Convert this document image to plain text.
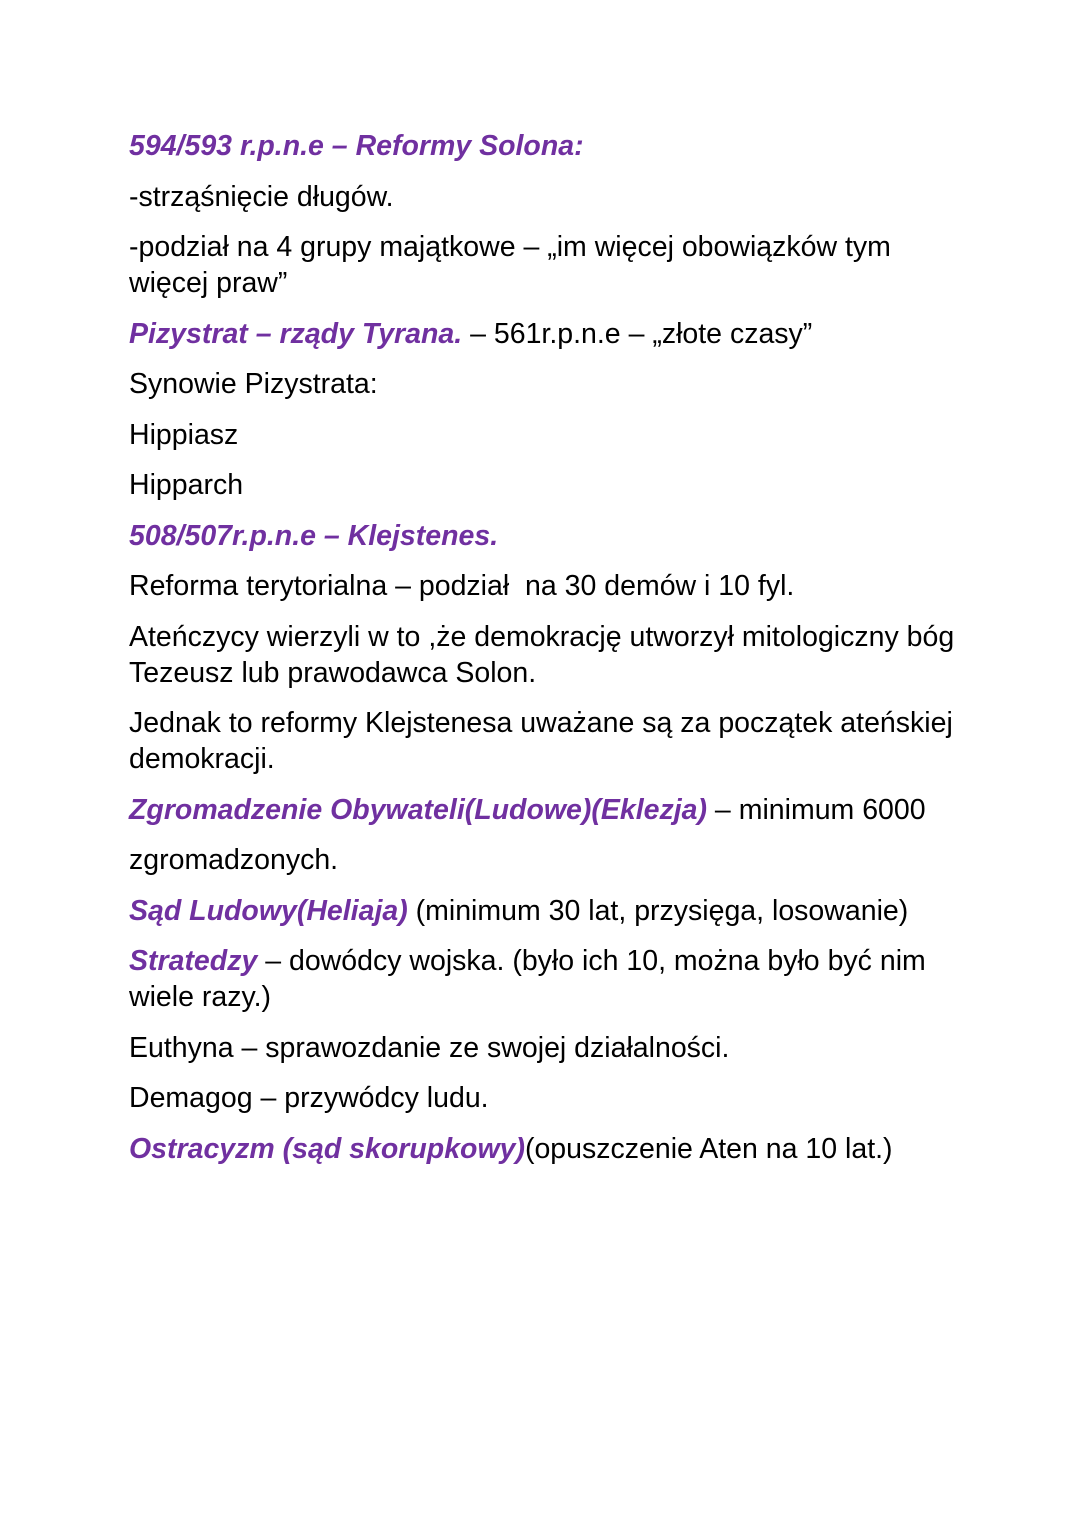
594/593 r.p.n.e – Reformy Solona:

-strząśnięcie długów.

-podział na 4 grupy majątkowe – „im więcej obowiązków tym więcej praw”

Pizystrat – rządy Tyrana. – 561r.p.n.e – „złote czasy”

Synowie Pizystrata:

Hippiasz

Hipparch

508/507r.p.n.e – Klejstenes.

Reforma terytorialna – podział  na 30 demów i 10 fyl.

Ateńczycy wierzyli w to ,że demokrację utworzył mitologiczny bóg Tezeusz lub prawodawca Solon.

Jednak to reformy Klejstenesa uważane są za początek ateńskiej demokracji.

Zgromadzenie Obywateli(Ludowe)(Eklezja) – minimum 6000

zgromadzonych.

Sąd Ludowy(Heliaja) (minimum 30 lat, przysięga, losowanie)

Stratedzy – dowódcy wojska. (było ich 10, można było być nim wiele razy.)

Euthyna – sprawozdanie ze swojej działalności.

Demagog – przywódcy ludu.

Ostracyzm (sąd skorupkowy)(opuszczenie Aten na 10 lat.)
